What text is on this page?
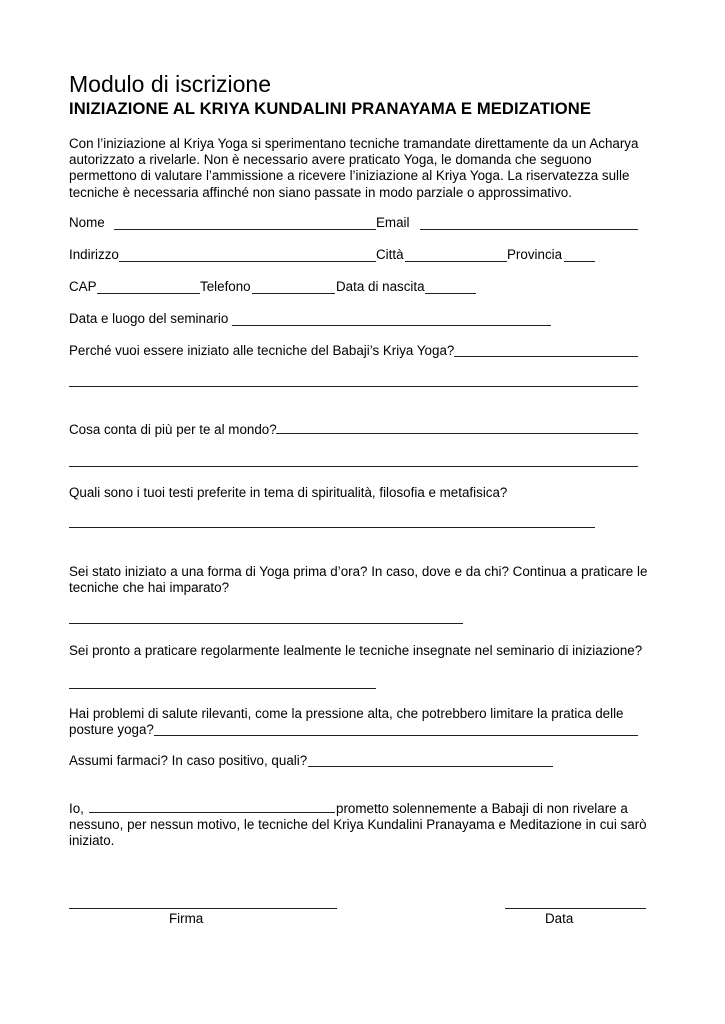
Modulo di iscrizione
INIZIAZIONE AL KRIYA KUNDALINI PRANAYAMA E MEDIZATIONE
Con l’iniziazione al Kriya Yoga si sperimentano tecniche tramandate direttamente da un Acharya autorizzato a rivelarle. Non è necessario avere praticato Yoga, le domanda che seguono permettono di valutare l’ammissione a ricevere l’iniziazione al Kriya Yoga. La riservatezza sulle tecniche è necessaria affinché non siano passate in modo parziale o approssimativo.
Nome	Email
Indirizzo	Città	Provincia
CAP	Telefono	Data di nascita
Data e luogo del seminario
Perché vuoi essere iniziato alle tecniche del Babaji’s Kriya Yoga?
Cosa conta di più per te al mondo?
Quali sono i tuoi testi preferite in tema di spiritualità, filosofia e metafisica?
Sei stato iniziato a una forma di Yoga prima d’ora? In caso, dove e da chi? Continua a praticare le tecniche che hai imparato?
Sei pronto a praticare regolarmente lealmente le tecniche insegnate nel seminario di iniziazione?
Hai problemi di salute rilevanti, come la pressione alta, che potrebbero limitare la pratica delle posture yoga?
Assumi farmaci? In caso positivo, quali?
Io,	prometto solennemente a Babaji di non rivelare a
nessuno, per nessun motivo, le tecniche del Kriya Kundalini Pranayama e Meditazione in cui sarò
iniziato.
Firma	Data
